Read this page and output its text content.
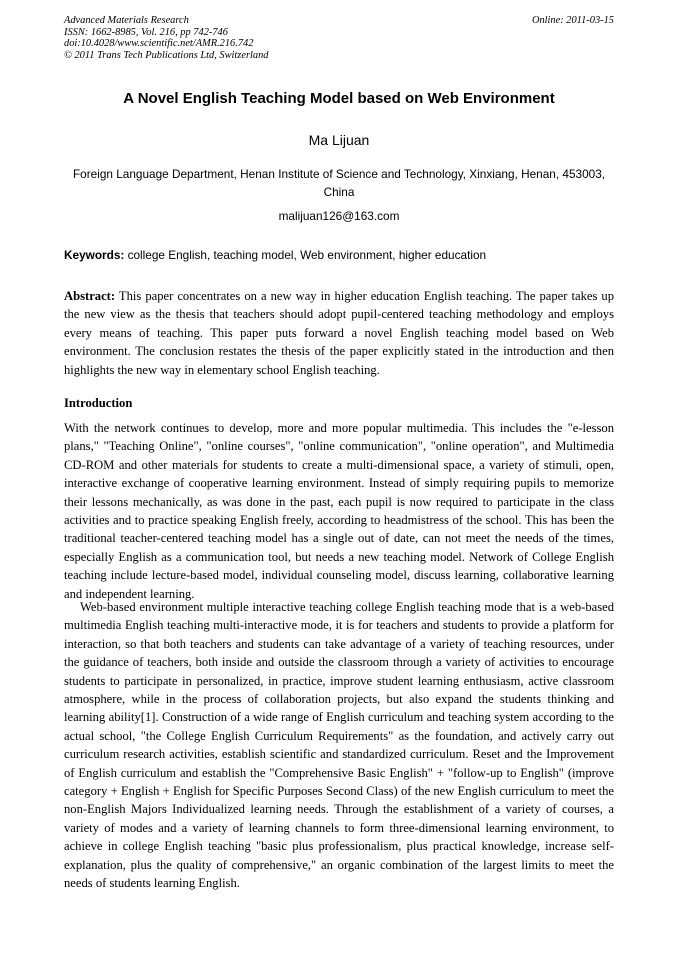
Advanced Materials Research
ISSN: 1662-8985, Vol. 216, pp 742-746
doi:10.4028/www.scientific.net/AMR.216.742
© 2011 Trans Tech Publications Ltd, Switzerland
Online: 2011-03-15
A Novel English Teaching Model based on Web Environment
Ma Lijuan
Foreign Language Department, Henan Institute of Science and Technology, Xinxiang, Henan, 453003, China
malijuan126@163.com
Keywords: college English, teaching model, Web environment, higher education
Abstract: This paper concentrates on a new way in higher education English teaching. The paper takes up the new view as the thesis that teachers should adopt pupil-centered teaching methodology and employs every means of teaching. This paper puts forward a novel English teaching model based on Web environment. The conclusion restates the thesis of the paper explicitly stated in the introduction and then highlights the new way in elementary school English teaching.
Introduction
With the network continues to develop, more and more popular multimedia. This includes the "e-lesson plans," "Teaching Online", "online courses", "online communication", "online operation", and Multimedia CD-ROM and other materials for students to create a multi-dimensional space, a variety of stimuli, open, interactive exchange of cooperative learning environment. Instead of simply requiring pupils to memorize their lessons mechanically, as was done in the past, each pupil is now required to participate in the class activities and to practice speaking English freely, according to headmistress of the school. This has been the traditional teacher-centered teaching model has a single out of date, can not meet the needs of the times, especially English as a communication tool, but needs a new teaching model. Network of College English teaching include lecture-based model, individual counseling model, discuss learning, collaborative learning and independent learning.
Web-based environment multiple interactive teaching college English teaching mode that is a web-based multimedia English teaching multi-interactive mode, it is for teachers and students to provide a platform for interaction, so that both teachers and students can take advantage of a variety of teaching resources, under the guidance of teachers, both inside and outside the classroom through a variety of activities to encourage students to participate in personalized, in practice, improve student learning enthusiasm, active classroom atmosphere, while in the process of collaboration projects, but also expand the students thinking and learning ability[1]. Construction of a wide range of English curriculum and teaching system according to the actual school, "the College English Curriculum Requirements" as the foundation, and actively carry out curriculum research activities, establish scientific and standardized curriculum. Reset and the Improvement of English curriculum and establish the "Comprehensive Basic English" + "follow-up to English" (improve category + English + English for Specific Purposes Second Class) of the new English curriculum to meet the non-English Majors Individualized learning needs. Through the establishment of a variety of courses, a variety of modes and a variety of learning channels to form three-dimensional learning environment, to achieve in college English teaching "basic plus professionalism, plus practical knowledge, increase self-explanation, plus the quality of comprehensive," an organic combination of the largest limits to meet the needs of students learning English.
